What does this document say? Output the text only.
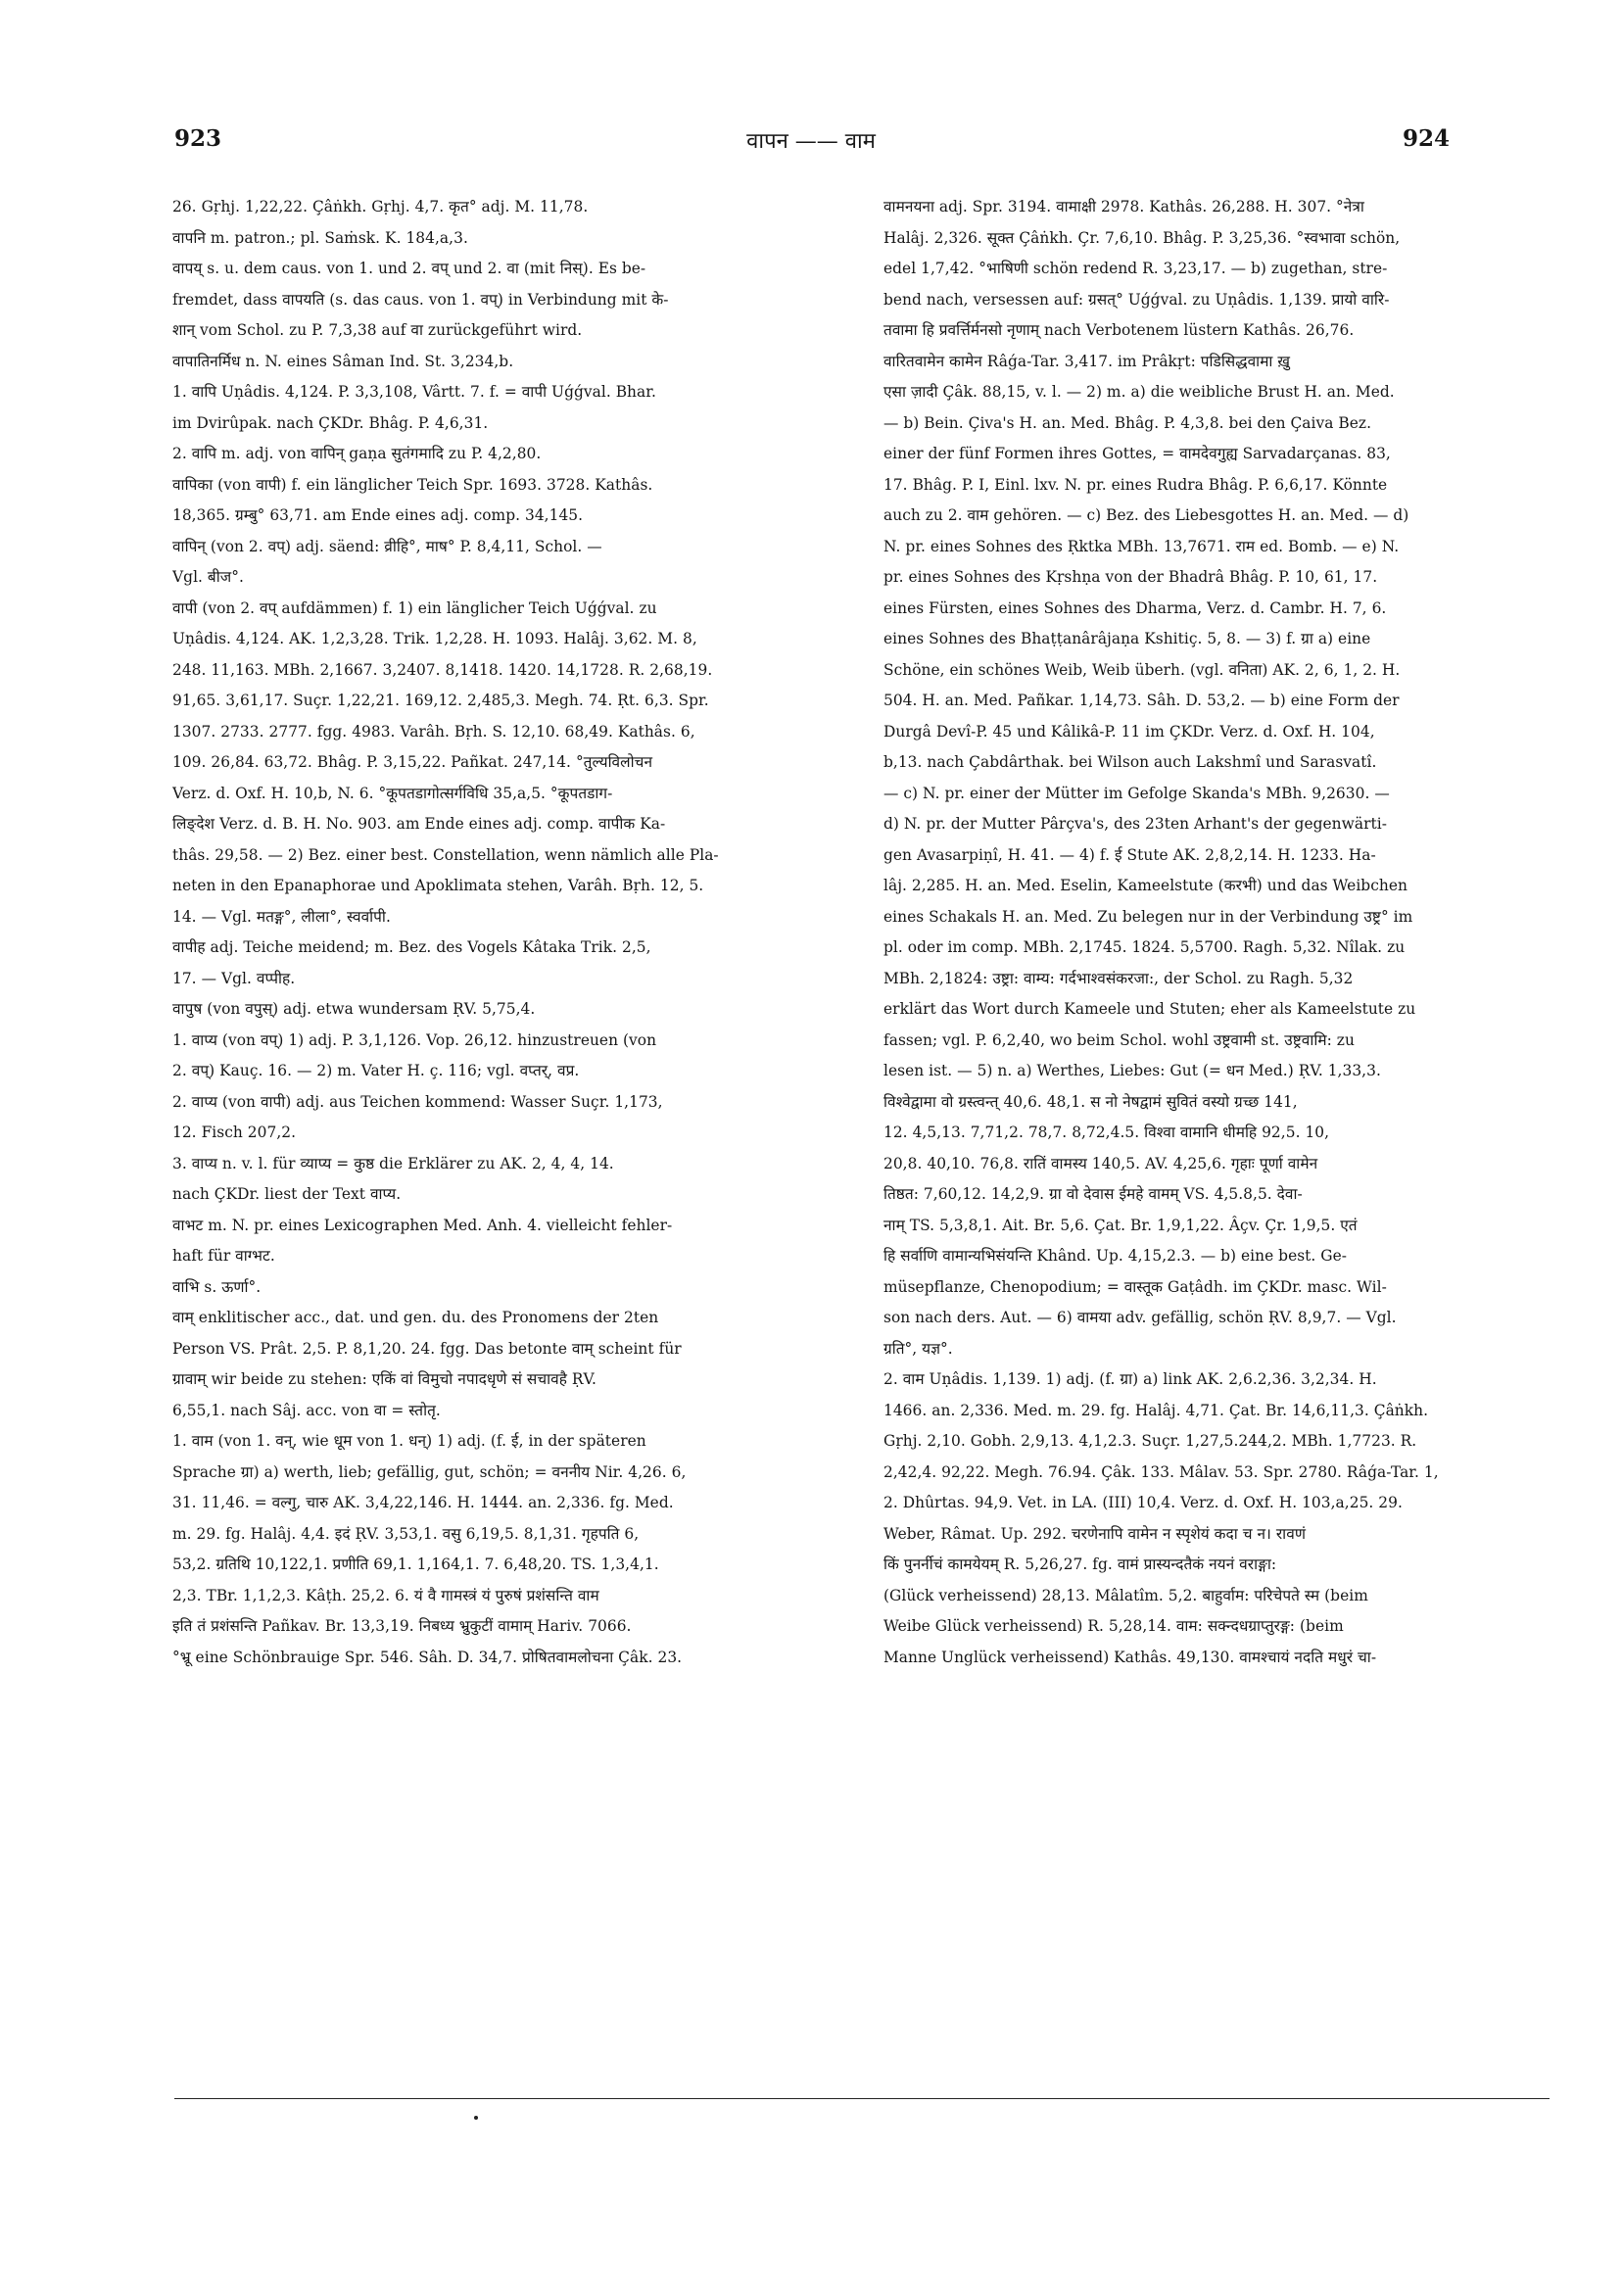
923	वापन —— वाम	924
26. Gṛhj. 1,22,22. Çâṅkh. Gṛhj. 4,7. कृत° adj. M. 11,78.
वापनि m. patron.; pl. Saṁsk. K. 184,a,3.
वापय् s. u. dem caus. von 1. und 2. वप् und 2. वा (mit निस्). Es be-
fremdet, dass वापयति (s. das caus. von 1. वप्) in Verbindung mit के-
शान् vom Schol. zu P. 7,3,38 auf वा zurückgeführt wird.
वापातिनर्मिध n. N. eines Sâman Ind. St. 3,234,b.
1. वापि Uṇâdis. 4,124. P. 3,3,108, Vârtt. 7. f. = वापी Uǵǵval. Bhar.
im Dvirûpak. nach ÇKDr. Bhâg. P. 4,6,31.
2. वापि m. adj. von वापिन् gaṇa सुतंगमादि zu P. 4,2,80.
वापिका (von वापी) f. ein länglicher Teich Spr. 1693. 3728. Kathâs.
18,365. ग्रम्बु° 63,71. am Ende eines adj. comp. 34,145.
वापिन् (von 2. वप्) adj. säend: व्रीहि°, माष° P. 8,4,11, Schol. —
Vgl. बीज°.
वापी (von 2. वप् aufdämmen) f. 1) ein länglicher Teich Uǵǵval. zu
Uṇâdis. 4,124. AK. 1,2,3,28. Trik. 1,2,28. H. 1093. Halâj. 3,62. M. 8,
248. 11,163. MBh. 2,1667. 3,2407. 8,1418. 1420. 14,1728. R. 2,68,19.
91,65. 3,61,17. Suçr. 1,22,21. 169,12. 2,485,3. Megh. 74. Ṛt. 6,3. Spr.
1307. 2733. 2777. fgg. 4983. Varâh. Bṛh. S. 12,10. 68,49. Kathâs. 6,
109. 26,84. 63,72. Bhâg. P. 3,15,22. Pañkat. 247,14. °तुल्यविलोचन
Verz. d. Oxf. H. 10,b, N. 6. °कूपतडागोत्सर्गविधि 35,a,5. °कूपतडाग-
लिङ्देश Verz. d. B. H. No. 903. am Ende eines adj. comp. वापीक Ka-
thâs. 29,58. — 2) Bez. einer best. Constellation, wenn nämlich alle Pla-
neten in den Epanaphorae und Apoklimata stehen, Varâh. Bṛh. 12, 5.
14. — Vgl. मतङ्ग°, लीला°, स्वर्वापी.
वापीह adj. Teiche meidend; m. Bez. des Vogels Kâtaka Trik. 2,5,
17. — Vgl. वप्पीह.
वापुष (von वपुस्) adj. etwa wundersam ṚV. 5,75,4.
1. वाप्य (von वप्) 1) adj. P. 3,1,126. Vop. 26,12. hinzustreuen (von
2. वप्) Kauç. 16. — 2) m. Vater H. ç. 116; vgl. वप्तर्, वप्र.
2. वाप्य (von वापी) adj. aus Teichen kommend: Wasser Suçr. 1,173,
12. Fisch 207,2.
3. वाप्य n. v. l. für व्याप्य = कुष्ठ die Erklärer zu AK. 2, 4, 4, 14.
nach ÇKDr. liest der Text वाप्य.
वाभट m. N. pr. eines Lexicographen Med. Anh. 4. vielleicht fehler-
haft für वाग्भट.
वाभि s. ऊर्णा°.
वाम् enklitischer acc., dat. und gen. du. des Pronomens der 2ten
Person VS. Prât. 2,5. P. 8,1,20. 24. fgg. Das betonte वाम् scheint für
ग्रावाम् wir beide zu stehen: एकिं वां विमुचो नपादधृणे सं सचावहै ṚV.
6,55,1. nach Sâj. acc. von वा = स्तोतृ.
1. वाम (von 1. वन्, wie धूम von 1. धन्) 1) adj. (f. ई, in der späteren
Sprache ग्रा) a) werth, lieb; gefällig, gut, schön; = वननीय Nir. 4,26. 6,
31. 11,46. = वल्गु, चारु AK. 3,4,22,146. H. 1444. an. 2,336. fg. Med.
m. 29. fg. Halâj. 4,4. इदं ṚV. 3,53,1. वसु 6,19,5. 8,1,31. गृहपति 6,
53,2. ग्रतिथि 10,122,1. प्रणीति 69,1. 1,164,1. 7. 6,48,20. TS. 1,3,4,1.
2,3. TBr. 1,1,2,3. Kâṭh. 25,2. 6. यं वै गामस्त्रं यं पुरुषं प्रशंसन्ति वाम
इति तं प्रशंसन्ति Pañkav. Br. 13,3,19. निबध्य भ्रुकुटीं वामाम् Hariv. 7066.
°भ्रू eine Schönbrauige Spr. 546. Sâh. D. 34,7. प्रोषितवामलोचना Çâk. 23.
वामनयना adj. Spr. 3194. वामाक्षी 2978. Kathâs. 26,288. H. 307. °नेत्रा
Halâj. 2,326. सूक्त Çâṅkh. Çr. 7,6,10. Bhâg. P. 3,25,36. °स्वभावा schön,
edel 1,7,42. °भाषिणी schön redend R. 3,23,17. — b) zugethan, stre-
bend nach, versessen auf: ग्रसत्° Uǵǵval. zu Uṇâdis. 1,139. प्रायो वारि-
तवामा हि प्रवर्त्तिर्मनसो नृणाम् nach Verbotenem lüstern Kathâs. 26,76.
वारितवामेन कामेन Râǵa-Tar. 3,417. im Prâkṛt: पडिसिद्धवामा ख़ु
एसा ज़ादी Çâk. 88,15, v. l. — 2) m. a) die weibliche Brust H. an. Med.
— b) Bein. Çiva's H. an. Med. Bhâg. P. 4,3,8. bei den Çaiva Bez.
einer der fünf Formen ihres Gottes, = वामदेवगुह्य Sarvadarçanas. 83,
17. Bhâg. P. I, Einl. lxv. N. pr. eines Rudra Bhâg. P. 6,6,17. Könnte
auch zu 2. वाम gehören. — c) Bez. des Liebesgottes H. an. Med. — d)
N. pr. eines Sohnes des Ṛktka MBh. 13,7671. राम ed. Bomb. — e) N.
pr. eines Sohnes des Kṛshṇa von der Bhadrâ Bhâg. P. 10, 61, 17.
eines Fürsten, eines Sohnes des Dharma, Verz. d. Cambr. H. 7, 6.
eines Sohnes des Bhaṭṭanârâjaṇa Kshitiç. 5, 8. — 3) f. ग्रा a) eine
Schöne, ein schönes Weib, Weib überh. (vgl. वनिता) AK. 2, 6, 1, 2. H.
504. H. an. Med. Pañkar. 1,14,73. Sâh. D. 53,2. — b) eine Form der
Durgâ Devî-P. 45 und Kâlikâ-P. 11 im ÇKDr. Verz. d. Oxf. H. 104,
b,13. nach Çabdârthak. bei Wilson auch Lakshmî und Sarasvatî.
— c) N. pr. einer der Mütter im Gefolge Skanda's MBh. 9,2630. —
d) N. pr. der Mutter Pârçva's, des 23ten Arhant's der gegenwärti-
gen Avasarpiṇî, H. 41. — 4) f. ई Stute AK. 2,8,2,14. H. 1233. Ha-
lâj. 2,285. H. an. Med. Eselin, Kameelstute (करभी) und das Weibchen
eines Schakals H. an. Med. Zu belegen nur in der Verbindung उष्ट्र° im
pl. oder im comp. MBh. 2,1745. 1824. 5,5700. Ragh. 5,32. Nîlak. zu
MBh. 2,1824: उष्ट्रा: वाम्य: गर्दभाश्वसंकरजा:, der Schol. zu Ragh. 5,32
erklärt das Wort durch Kameele und Stuten; eher als Kameelstute zu
fassen; vgl. P. 6,2,40, wo beim Schol. wohl उष्ट्रवामी st. उष्ट्रवामि: zu
lesen ist. — 5) n. a) Werthes, Liebes: Gut (= धन Med.) ṚV. 1,33,3.
विश्वेद्वामा वो ग्रस्त्वन्त् 40,6. 48,1. स नो नेषद्वामं सुवितं वस्यो ग्रच्छ 141,
12. 4,5,13. 7,71,2. 78,7. 8,72,4.5. विश्वा वामानि धीमहि 92,5. 10,
20,8. 40,10. 76,8. रातिं वामस्य 140,5. AV. 4,25,6. गृहाः पूर्णा वामेन
तिष्ठत: 7,60,12. 14,2,9. ग्रा वो देवास ईमहे वामम् VS. 4,5.8,5. देवा-
नाम् TS. 5,3,8,1. Ait. Br. 5,6. Çat. Br. 1,9,1,22. Âçv. Çr. 1,9,5. एतं
हि सर्वाणि वामान्यभिसंयन्ति Khând. Up. 4,15,2.3. — b) eine best. Ge-
müsepflanze, Chenopodium; = वास्तूक Gaṭâdh. im ÇKDr. masc. Wil-
son nach ders. Aut. — 6) वामया adv. gefällig, schön ṚV. 8,9,7. — Vgl.
ग्रति°, यज्ञ°.
2. वाम Uṇâdis. 1,139. 1) adj. (f. ग्रा) a) link AK. 2,6.2,36. 3,2,34. H.
1466. an. 2,336. Med. m. 29. fg. Halâj. 4,71. Çat. Br. 14,6,11,3. Çâṅkh.
Gṛhj. 2,10. Gobh. 2,9,13. 4,1,2.3. Suçr. 1,27,5.244,2. MBh. 1,7723. R.
2,42,4. 92,22. Megh. 76.94. Çâk. 133. Mâlav. 53. Spr. 2780. Râǵa-Tar. 1,
2. Dhûrtas. 94,9. Vet. in LA. (III) 10,4. Verz. d. Oxf. H. 103,a,25. 29.
Weber, Râmat. Up. 292. चरणेनापि वामेन न स्पृशेयं कदा च न। रावणं
किं पुनर्नीचं कामयेयम् R. 5,26,27. fg. वामं प्रास्यन्दतैकं नयनं वराङ्गा:
(Glück verheissend) 28,13. Mâlatîm. 5,2. बाहुर्वाम: परिचेपते स्म (beim
Weibe Glück verheissend) R. 5,28,14. वाम: सक्न्दधग्राप्तुरङ्ग: (beim
Manne Unglück verheissend) Kathâs. 49,130. वामश्चायं नदति मधुरं चा-
